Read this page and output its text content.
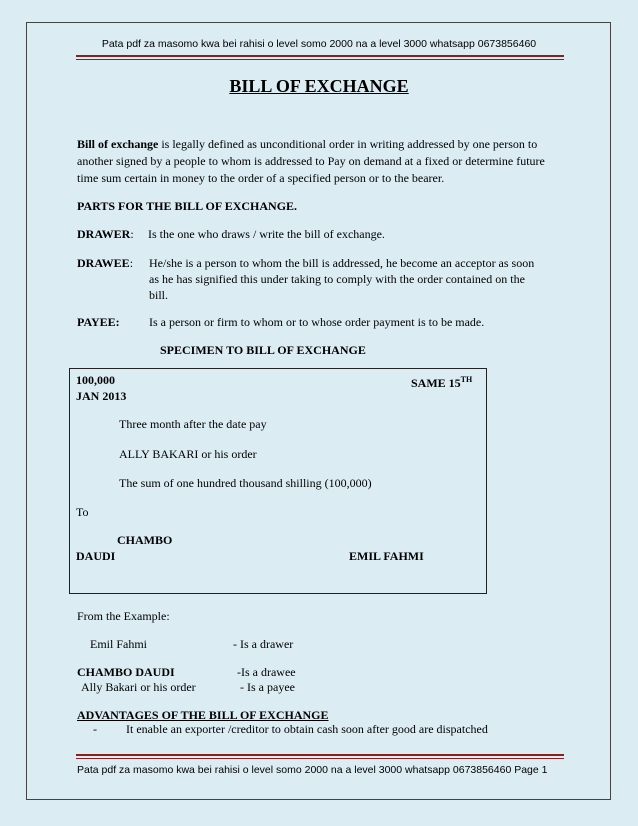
Pata pdf za masomo kwa bei rahisi o level somo 2000 na a level 3000 whatsapp 0673856460
BILL OF EXCHANGE
Bill of exchange is legally defined as unconditional order in writing addressed by one person to
another signed by a people to whom is addressed to Pay on demand at a fixed or determine future
time sum certain in money to the order of a specified person or to the bearer.
PARTS FOR THE BILL OF EXCHANGE.
DRAWER: Is the one who draws / write the bill of exchange.
DRAWEE: He/she is a person to whom the bill is addressed, he become an acceptor as soon
as he has signified this under taking to comply with the order contained on the
bill.
PAYEE: Is a person or firm to whom or to whose order payment is to be made.
SPECIMEN TO BILL OF EXCHANGE
100,000	SAME 15TH
JAN 2013
Three month after the date pay
ALLY BAKARI or his order
The sum of one hundred thousand shilling (100,000)
To
CHAMBO
DAUDI	EMIL FAHMI
From the Example:
Emil Fahmi	- Is a drawer
CHAMBO DAUDI	-Is a drawee
Ally Bakari or his order	- Is a payee
ADVANTAGES OF THE BILL OF EXCHANGE
- It enable an exporter /creditor to obtain cash soon after good are dispatched
Pata pdf za masomo kwa bei rahisi o level somo 2000 na a level 3000 whatsapp 0673856460 Page 1
